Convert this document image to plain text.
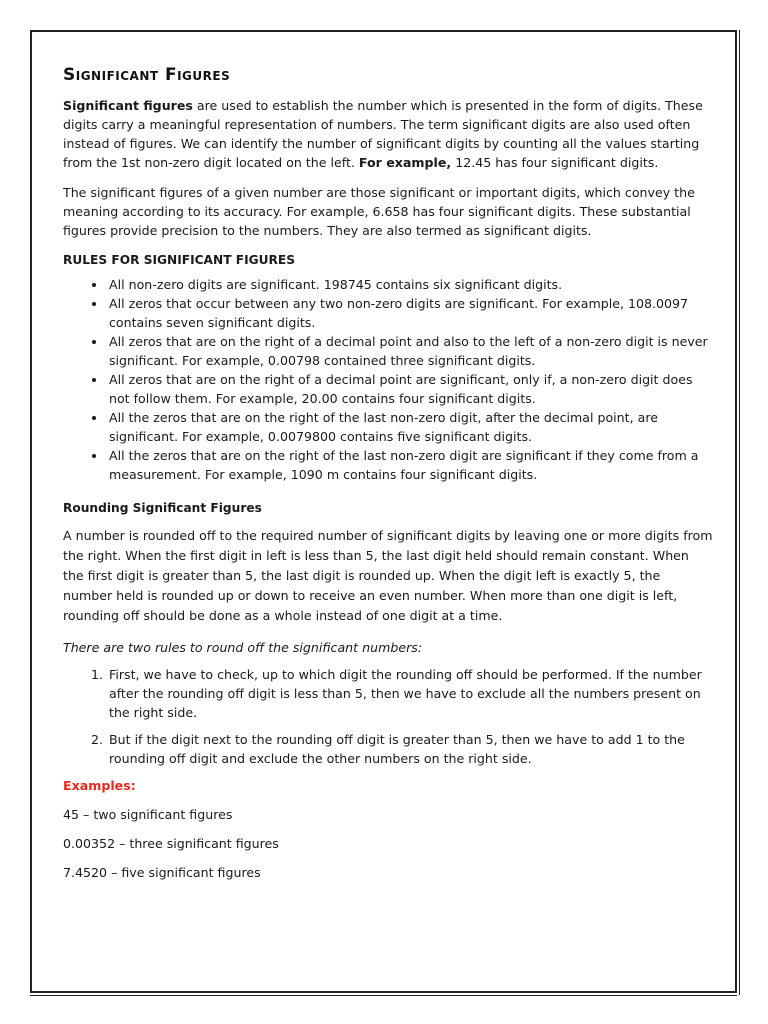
Significant Figures

Significant figures are used to establish the number which is presented in the form of digits. These digits carry a meaningful representation of numbers. The term significant digits are also used often instead of figures. We can identify the number of significant digits by counting all the values starting from the 1st non-zero digit located on the left. For example, 12.45 has four significant digits.

The significant figures of a given number are those significant or important digits, which convey the meaning according to its accuracy. For example, 6.658 has four significant digits. These substantial figures provide precision to the numbers. They are also termed as significant digits.

RULES FOR SIGNIFICANT FIGURES
• All non-zero digits are significant. 198745 contains six significant digits.
• All zeros that occur between any two non-zero digits are significant. For example, 108.0097 contains seven significant digits.
• All zeros that are on the right of a decimal point and also to the left of a non-zero digit is never significant. For example, 0.00798 contained three significant digits.
• All zeros that are on the right of a decimal point are significant, only if, a non-zero digit does not follow them. For example, 20.00 contains four significant digits.
• All the zeros that are on the right of the last non-zero digit, after the decimal point, are significant. For example, 0.0079800 contains five significant digits.
• All the zeros that are on the right of the last non-zero digit are significant if they come from a measurement. For example, 1090 m contains four significant digits.
Rounding Significant Figures

A number is rounded off to the required number of significant digits by leaving one or more digits from the right. When the first digit in left is less than 5, the last digit held should remain constant. When the first digit is greater than 5, the last digit is rounded up. When the digit left is exactly 5, the number held is rounded up or down to receive an even number. When more than one digit is left, rounding off should be done as a whole instead of one digit at a time.

There are two rules to round off the significant numbers:

1. First, we have to check, up to which digit the rounding off should be performed. If the number after the rounding off digit is less than 5, then we have to exclude all the numbers present on the right side.
2. But if the digit next to the rounding off digit is greater than 5, then we have to add 1 to the rounding off digit and exclude the other numbers on the right side.
Examples:

45 – two significant figures

0.00352 – three significant figures

7.4520 – five significant figures
